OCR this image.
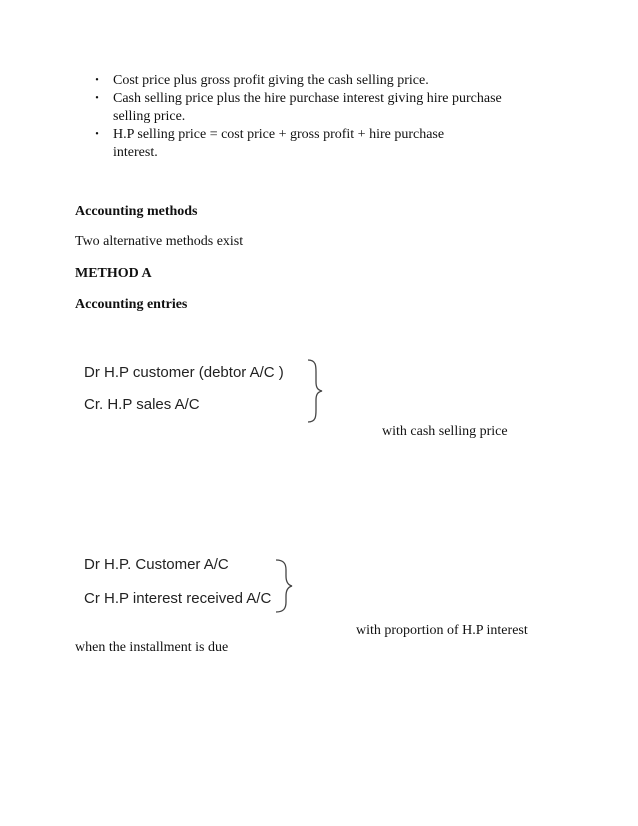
• Cost price plus gross profit giving the cash selling price.
• Cash selling price plus the hire purchase interest giving hire purchase
selling price.
• H.P selling price = cost price + gross profit + hire purchase
interest.

Accounting methods

Two alternative methods exist

METHOD A

Accounting entries

Dr H.P customer (debtor A/C )

Cr. H.P sales A/C

with cash selling price

Dr H.P. Customer A/C

Cr H.P interest received A/C

with proportion of H.P interest

when the installment is due
